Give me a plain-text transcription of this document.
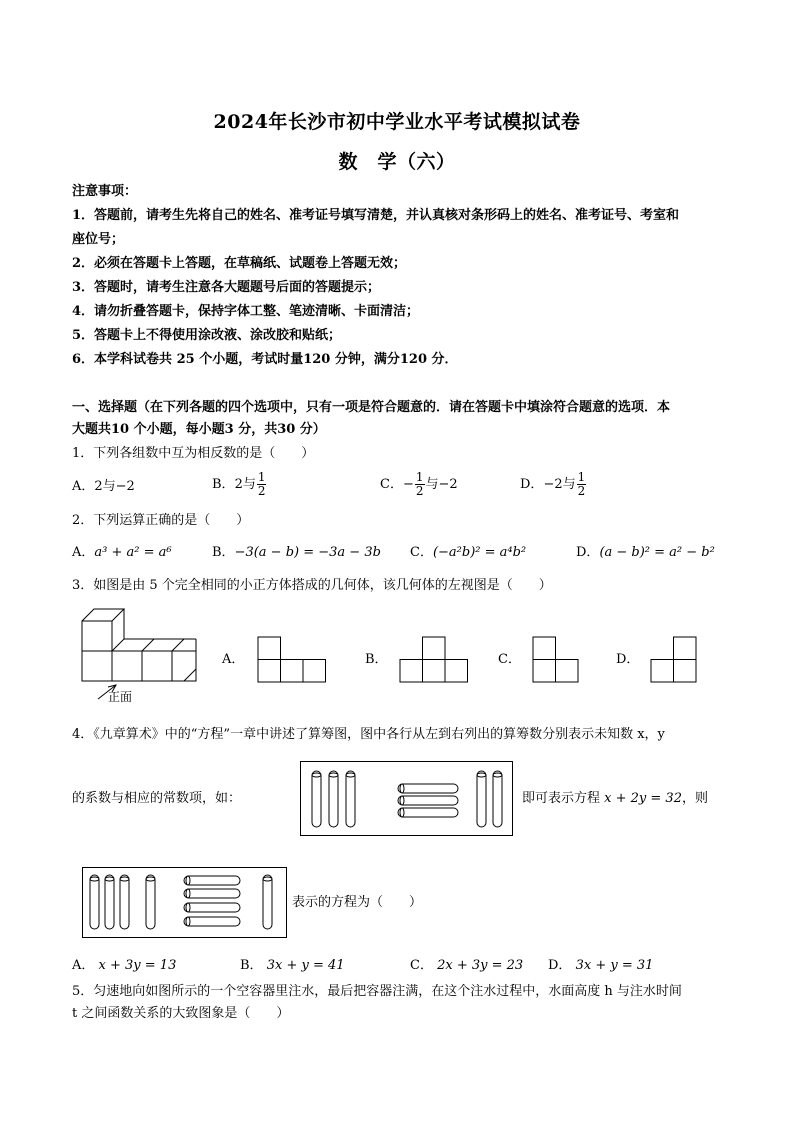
2024年长沙市初中学业水平考试模拟试卷
数　学（六）
注意事项：
1．答题前，请考生先将自己的姓名、准考证号填写清楚，并认真核对条形码上的姓名、准考证号、考室和
座位号；
2．必须在答题卡上答题，在草稿纸、试题卷上答题无效；
3．答题时，请考生注意各大题题号后面的答题提示；
4．请勿折叠答题卡，保持字体工整、笔迹清晰、卡面清洁；
5．答题卡上不得使用涂改液、涂改胶和贴纸；
6．本学科试卷共 25 个小题，考试时量120 分钟，满分120 分．
一、选择题（在下列各题的四个选项中，只有一项是符合题意的．请在答题卡中填涂符合题意的选项．本
大题共10 个小题，每小题3 分，共30 分）
1．下列各组数中互为相反数的是（　　）
A．2与−2	B．2与 $\frac{1}{2}$	C．− $\frac{1}{2}$ 与−2	D．−2与 $\frac{1}{2}$
2．下列运算正确的是（　　）
A．a³ + a² = a⁶	B．−3(a − b) = −3a − 3b C．(−a²b)² = a⁴b²	D．(a − b)² = a² − b²
3．如图是由 5 个完全相同的小正方体搭成的几何体，该几何体的左视图是（　　）
正面
A．	B．	C．	D．
4．《九章算术》中的“方程”一章中讲述了算筹图，图中各行从左到右列出的算筹数分别表示未知数 x，y
的系数与相应的常数项，如：	即可表示方程 x + 2y = 32，则
表示的方程为（　　）
A． x + 3y = 13	B． 3x + y = 41	C． 2x + 3y = 23 D． 3x + y = 31
5．匀速地向如图所示的一个空容器里注水，最后把容器注满，在这个注水过程中，水面高度 h 与注水时间
t 之间函数关系的大致图象是（　　）
